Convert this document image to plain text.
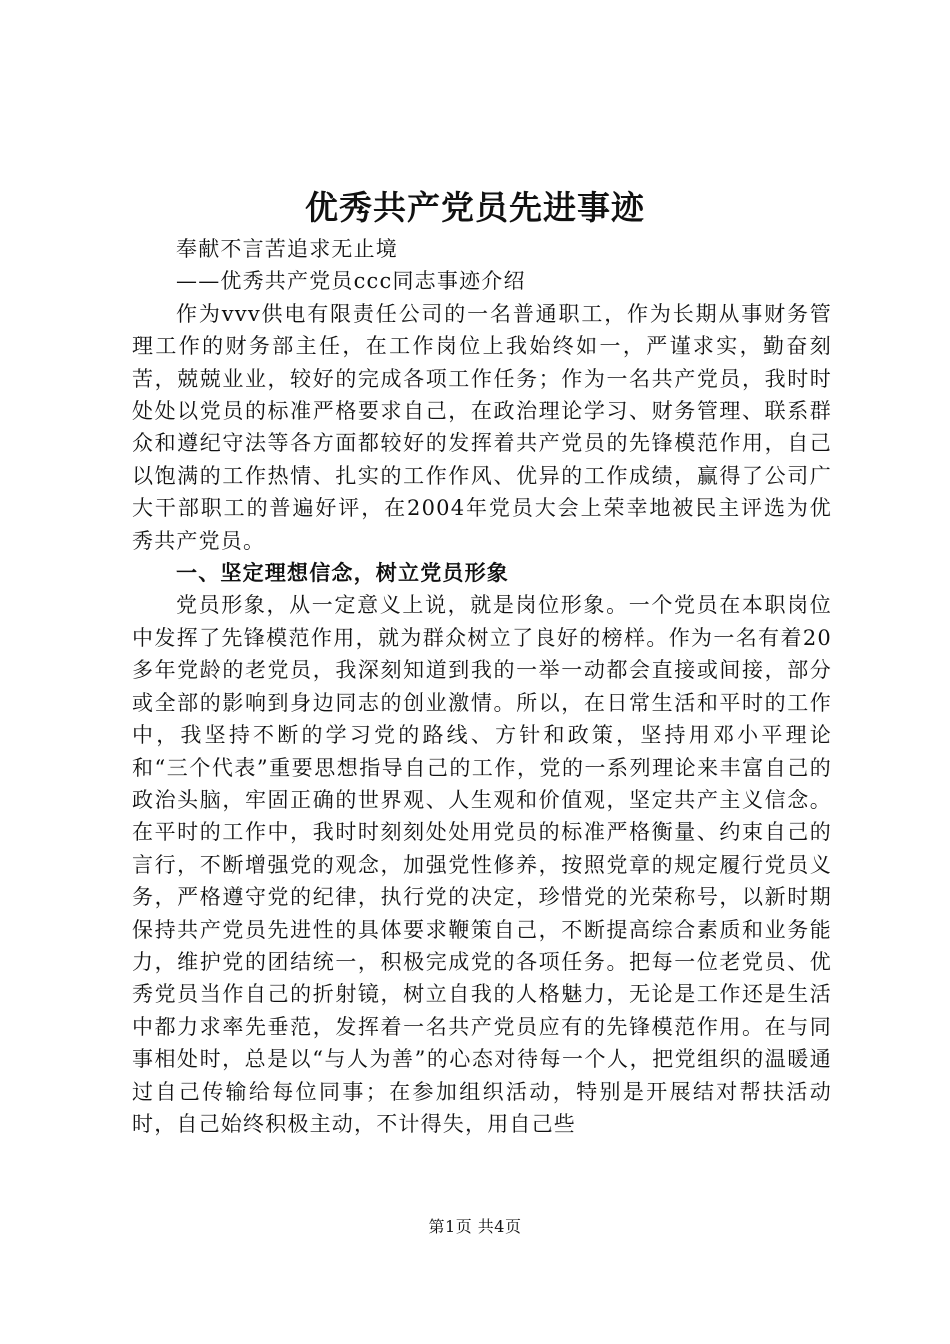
优秀共产党员先进事迹

奉献不言苦追求无止境

——优秀共产党员ccc同志事迹介绍

作为vvv供电有限责任公司的一名普通职工，作为长期从事财务管理工作的财务部主任，在工作岗位上我始终如一，严谨求实，勤奋刻苦，兢兢业业，较好的完成各项工作任务；作为一名共产党员，我时时处处以党员的标准严格要求自己，在政治理论学习、财务管理、联系群众和遵纪守法等各方面都较好的发挥着共产党员的先锋模范作用，自己以饱满的工作热情、扎实的工作作风、优异的工作成绩，赢得了公司广大干部职工的普遍好评，在2004年党员大会上荣幸地被民主评选为优秀共产党员。

一、坚定理想信念，树立党员形象

党员形象，从一定意义上说，就是岗位形象。一个党员在本职岗位中发挥了先锋模范作用，就为群众树立了良好的榜样。作为一名有着20多年党龄的老党员，我深刻知道到我的一举一动都会直接或间接，部分或全部的影响到身边同志的创业激情。所以，在日常生活和平时的工作中，我坚持不断的学习党的路线、方针和政策，坚持用邓小平理论和“三个代表”重要思想指导自己的工作，党的一系列理论来丰富自己的政治头脑，牢固正确的世界观、人生观和价值观，坚定共产主义信念。在平时的工作中，我时时刻刻处处用党员的标准严格衡量、约束自己的言行，不断增强党的观念，加强党性修养，按照党章的规定履行党员义务，严格遵守党的纪律，执行党的决定，珍惜党的光荣称号，以新时期保持共产党员先进性的具体要求鞭策自己，不断提高综合素质和业务能力，维护党的团结统一，积极完成党的各项任务。把每一位老党员、优秀党员当作自己的折射镜，树立自我的人格魅力，无论是工作还是生活中都力求率先垂范，发挥着一名共产党员应有的先锋模范作用。在与同事相处时，总是以“与人为善”的心态对待每一个人，把党组织的温暖通过自己传输给每位同事；在参加组织活动，特别是开展结对帮扶活动时，自己始终积极主动，不计得失，用自己些

第1页 共4页
